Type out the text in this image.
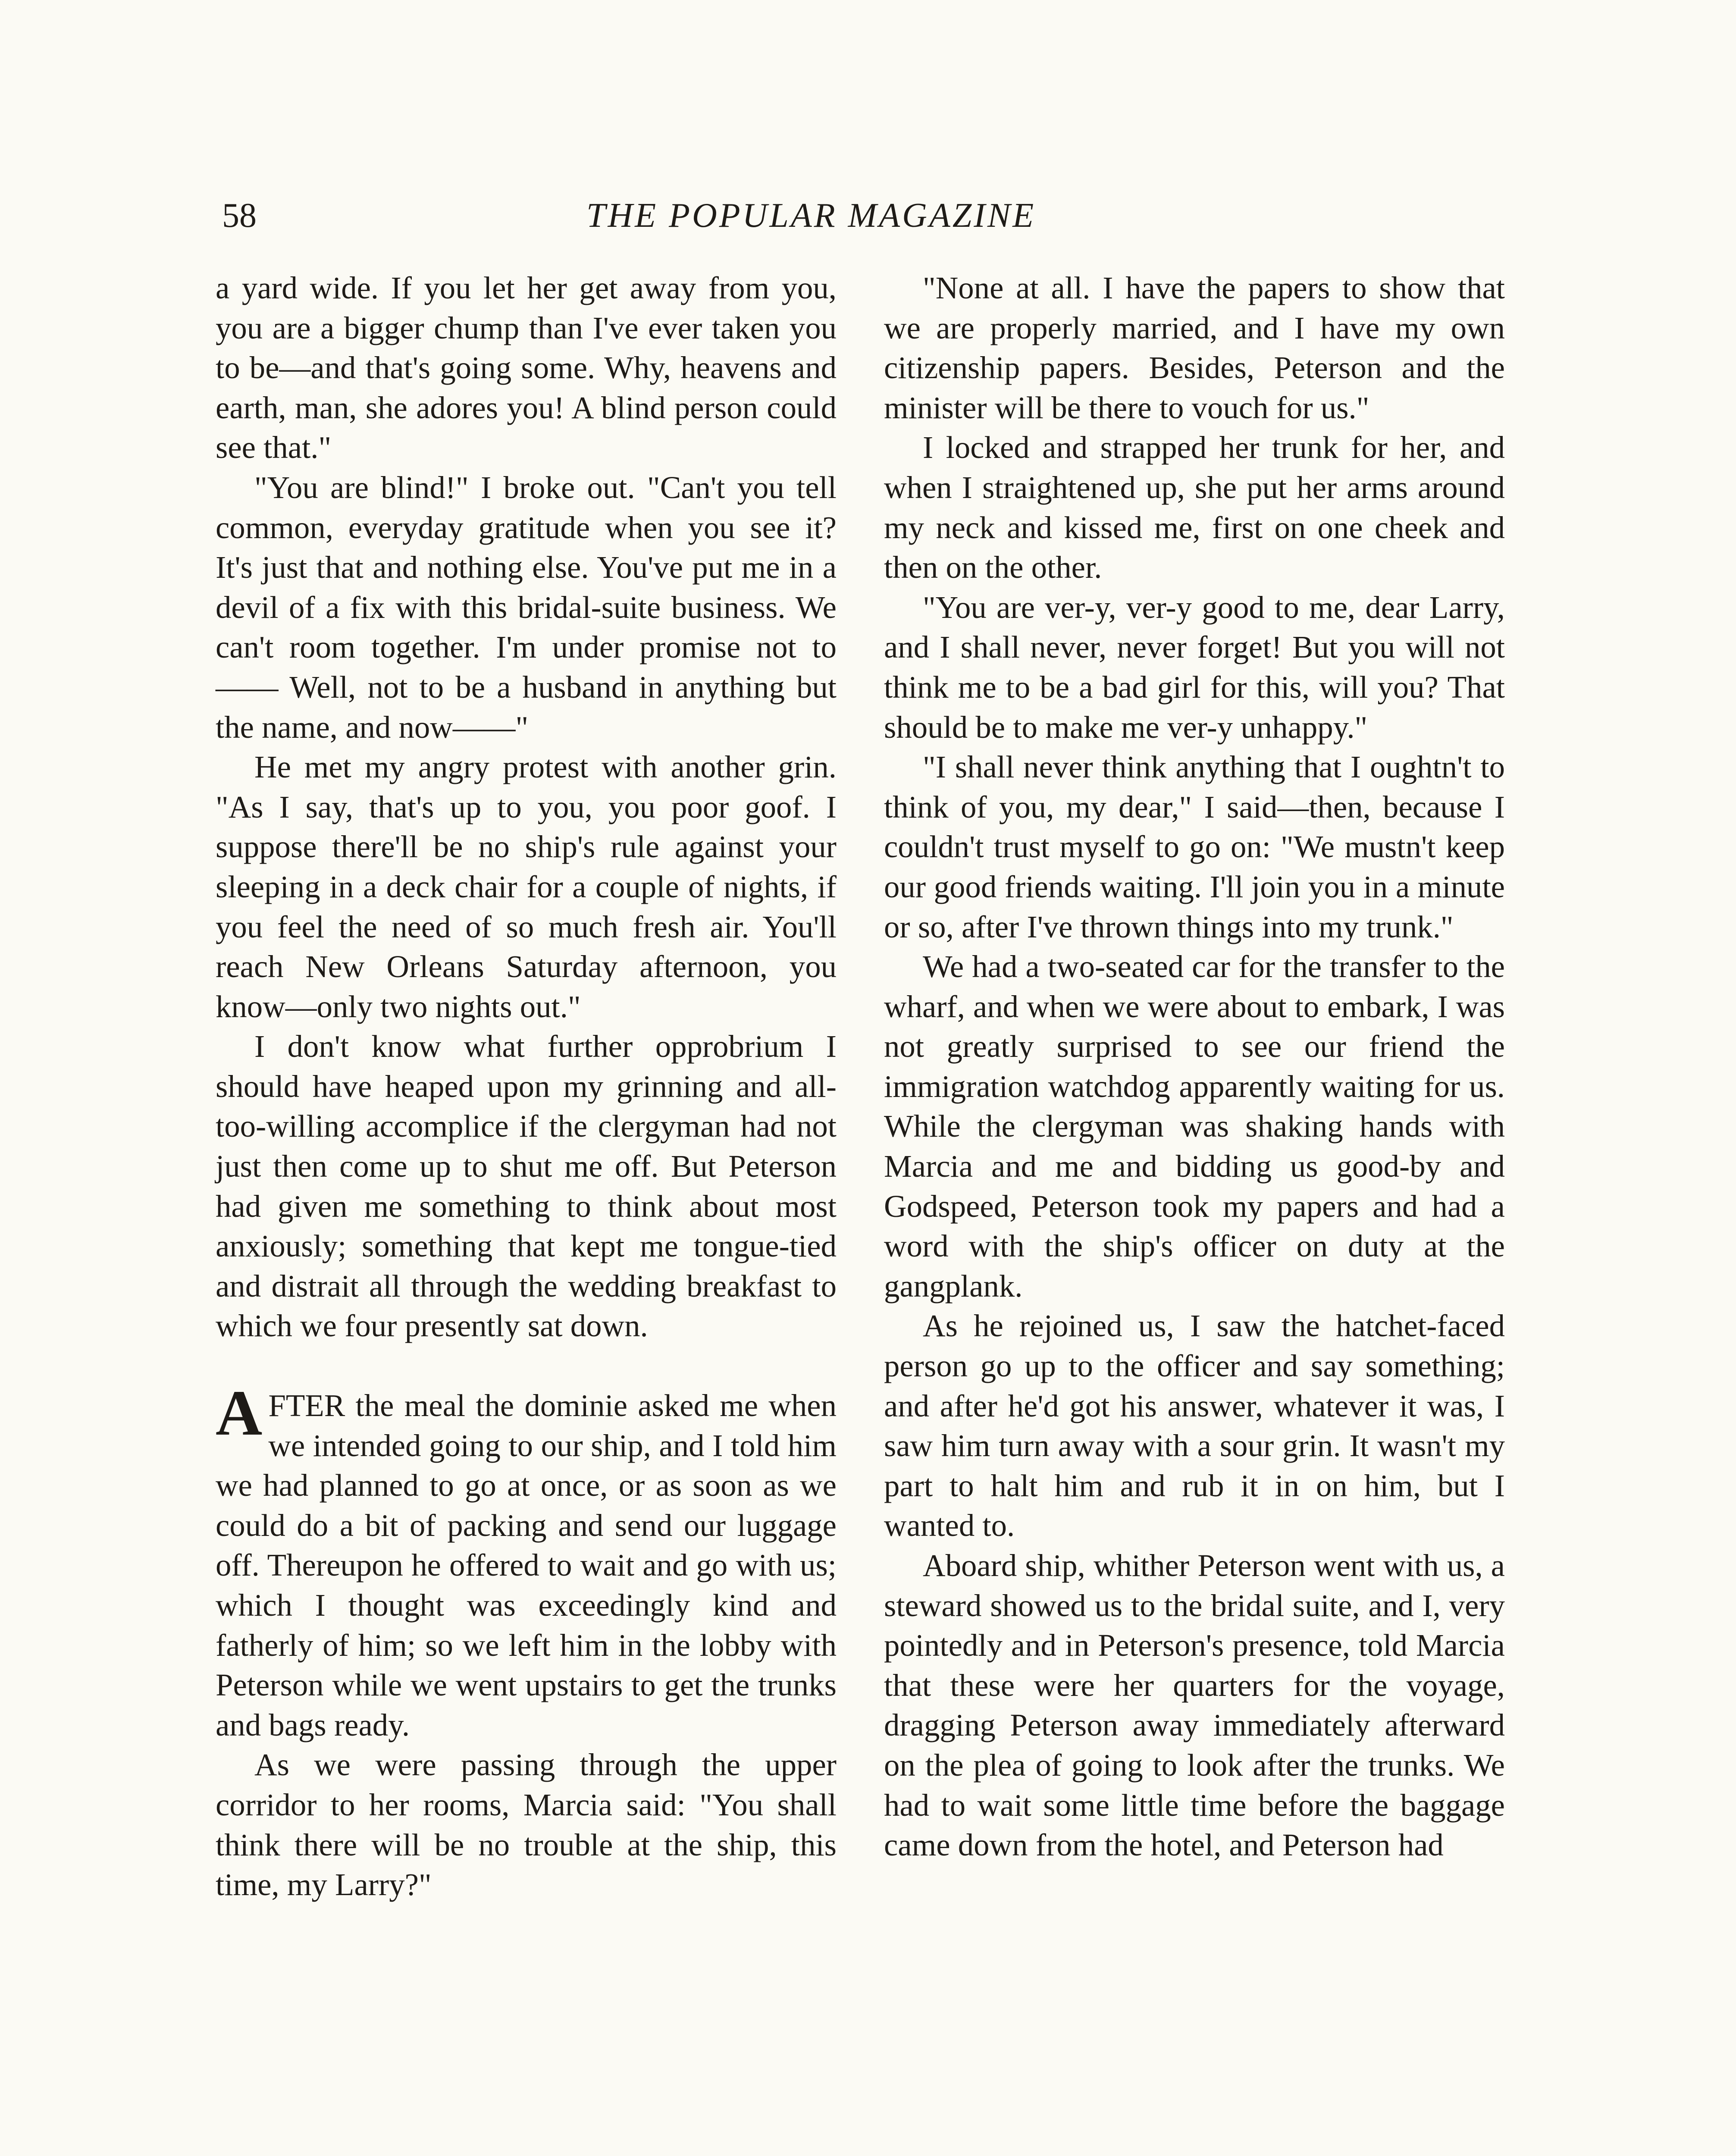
58	THE POPULAR MAGAZINE

a yard wide. If you let her get away from you, you are a bigger chump than I've ever taken you to be—and that's going some. Why, heavens and earth, man, she adores you! A blind person could see that."

"You are blind!" I broke out. "Can't you tell common, everyday gratitude when you see it? It's just that and nothing else. You've put me in a devil of a fix with this bridal-suite business. We can't room together. I'm under promise not to—— Well, not to be a husband in anything but the name, and now——"

He met my angry protest with another grin. "As I say, that's up to you, you poor goof. I suppose there'll be no ship's rule against your sleeping in a deck chair for a couple of nights, if you feel the need of so much fresh air. You'll reach New Orleans Saturday afternoon, you know—only two nights out."

I don't know what further opprobrium I should have heaped upon my grinning and all-too-willing accomplice if the clergyman had not just then come up to shut me off. But Peterson had given me something to think about most anxiously; something that kept me tongue-tied and distrait all through the wedding breakfast to which we four presently sat down.

AFTER the meal the dominie asked me when we intended going to our ship, and I told him we had planned to go at once, or as soon as we could do a bit of packing and send our luggage off. Thereupon he offered to wait and go with us; which I thought was exceedingly kind and fatherly of him; so we left him in the lobby with Peterson while we went upstairs to get the trunks and bags ready.

As we were passing through the upper corridor to her rooms, Marcia said: "You shall think there will be no trouble at the ship, this time, my Larry?"

"None at all. I have the papers to show that we are properly married, and I have my own citizenship papers. Besides, Peterson and the minister will be there to vouch for us."

I locked and strapped her trunk for her, and when I straightened up, she put her arms around my neck and kissed me, first on one cheek and then on the other.

"You are ver-y, ver-y good to me, dear Larry, and I shall never, never forget! But you will not think me to be a bad girl for this, will you? That should be to make me ver-y unhappy."

"I shall never think anything that I oughtn't to think of you, my dear," I said—then, because I couldn't trust myself to go on: "We mustn't keep our good friends waiting. I'll join you in a minute or so, after I've thrown things into my trunk."

We had a two-seated car for the transfer to the wharf, and when we were about to embark, I was not greatly surprised to see our friend the immigration watchdog apparently waiting for us. While the clergyman was shaking hands with Marcia and me and bidding us good-by and Godspeed, Peterson took my papers and had a word with the ship's officer on duty at the gangplank.

As he rejoined us, I saw the hatchet-faced person go up to the officer and say something; and after he'd got his answer, whatever it was, I saw him turn away with a sour grin. It wasn't my part to halt him and rub it in on him, but I wanted to.

Aboard ship, whither Peterson went with us, a steward showed us to the bridal suite, and I, very pointedly and in Peterson's presence, told Marcia that these were her quarters for the voyage, dragging Peterson away immediately afterward on the plea of going to look after the trunks. We had to wait some little time before the baggage came down from the hotel, and Peterson had
